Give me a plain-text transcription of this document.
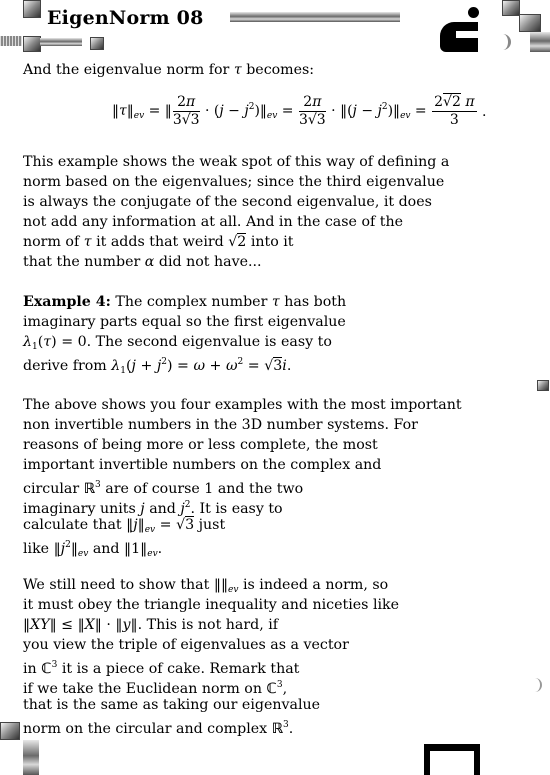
EigenNorm 08
And the eigenvalue norm for τ becomes:
$‖\tau‖_{ev}$ = ‖ $\frac{2\pi}{3√3} \cdot (j$ − $j^2)‖_{ev} = \frac{2\pi}{3√3}$ · ‖(j − $j^2)‖_{ev} = \frac{2√2 \pi}{3}$ .
This example shows the weak spot of this way of defining a
norm based on the eigenvalues; since the third eigenvalue
is always the conjugate of the second eigenvalue, it does
not add any information at all. And in the case of the
norm of τ it adds that weird √2 into it
that the number α did not have...
Example 4: The complex number τ has both
imaginary parts equal so the first eigenvalue
$\lambda_1(\tau) = 0$. The second eigenvalue is easy to
derive from $\lambda_1(j + j^2) = \omega + \omega^2 = √3i$.
The above shows you four examples with the most important
non invertible numbers in the 3D number systems. For
reasons of being more or less complete, the most
important invertible numbers on the complex and
circular ℝ$^3$ are of course 1 and the two
imaginary units j and $j^2$. It is easy to
calculate that $‖j‖_{ev} = √3$ just
like $‖j^2‖_{ev}$ and $‖1‖_{ev}$.
We still need to show that $‖‖_{ev}$ is indeed a norm, so
it must obey the triangle inequality and niceties like
‖XY‖ ≤ ‖X‖ · ‖y‖. This is not hard, if
you view the triple of eigenvalues as a vector
in ℂ$^3$ it is a piece of cake. Remark that
if we take the Euclidean norm on ℂ$^3$,
that is the same as taking our eigenvalue
norm on the circular and complex ℝ$^3$.
